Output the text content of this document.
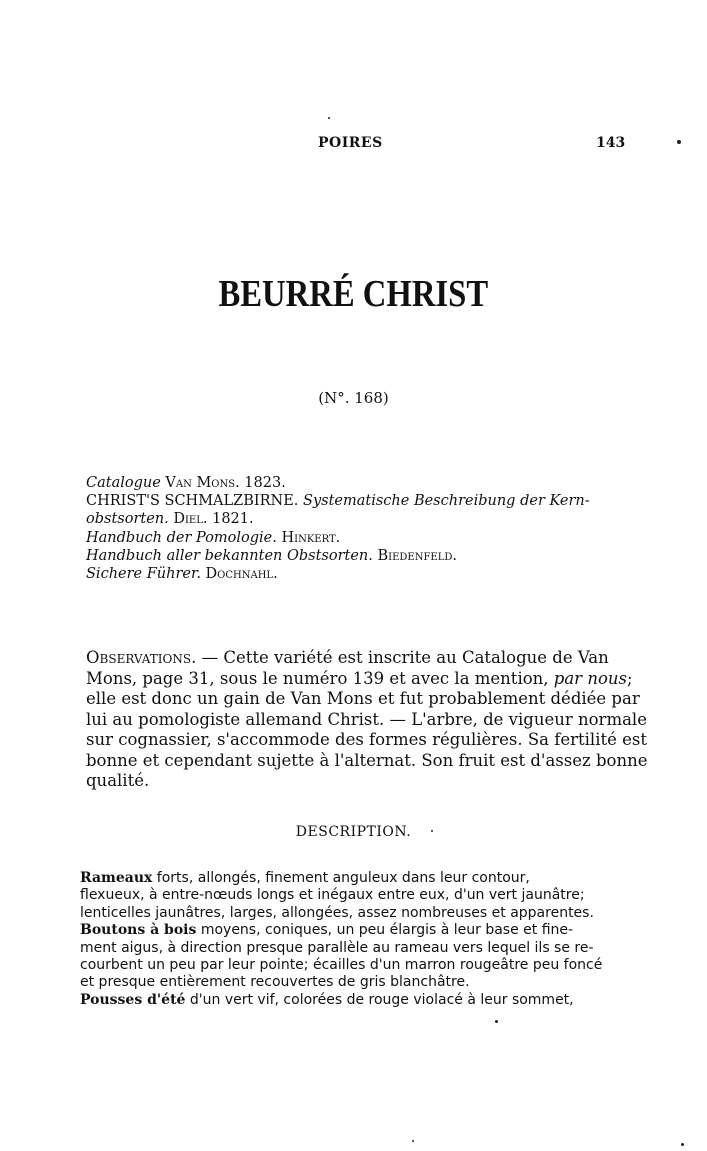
POIRES	143
BEURRÉ CHRIST
(N°. 168)
Catalogue Van Mons. 1823.
CHRIST'S SCHMALZBIRNE. Systematische Beschreibung der Kern-
obstsorten. Diel. 1821.
Handbuch der Pomologie. Hinkert.
Handbuch aller bekannten Obstsorten. Biedenfeld.
Sichere Führer. Dochnahl.
Observations. — Cette variété est inscrite au Catalogue de Van
Mons, page 31, sous le numéro 139 et avec la mention, par nous;
elle est donc un gain de Van Mons et fut probablement dédiée par
lui au pomologiste allemand Christ. — L'arbre, de vigueur normale
sur cognassier, s'accommode des formes régulières. Sa fertilité est
bonne et cependant sujette à l'alternat. Son fruit est d'assez bonne
qualité.
DESCRIPTION.
Rameaux forts, allongés, finement anguleux dans leur contour,
flexueux, à entre-nœuds longs et inégaux entre eux, d'un vert jaunâtre;
lenticelles jaunâtres, larges, allongées, assez nombreuses et apparentes.
Boutons à bois moyens, coniques, un peu élargis à leur base et fine-
ment aigus, à direction presque parallèle au rameau vers lequel ils se re-
courbent un peu par leur pointe; écailles d'un marron rougeâtre peu foncé
et presque entièrement recouvertes de gris blanchâtre.
Pousses d'été d'un vert vif, colorées de rouge violacé à leur sommet,
